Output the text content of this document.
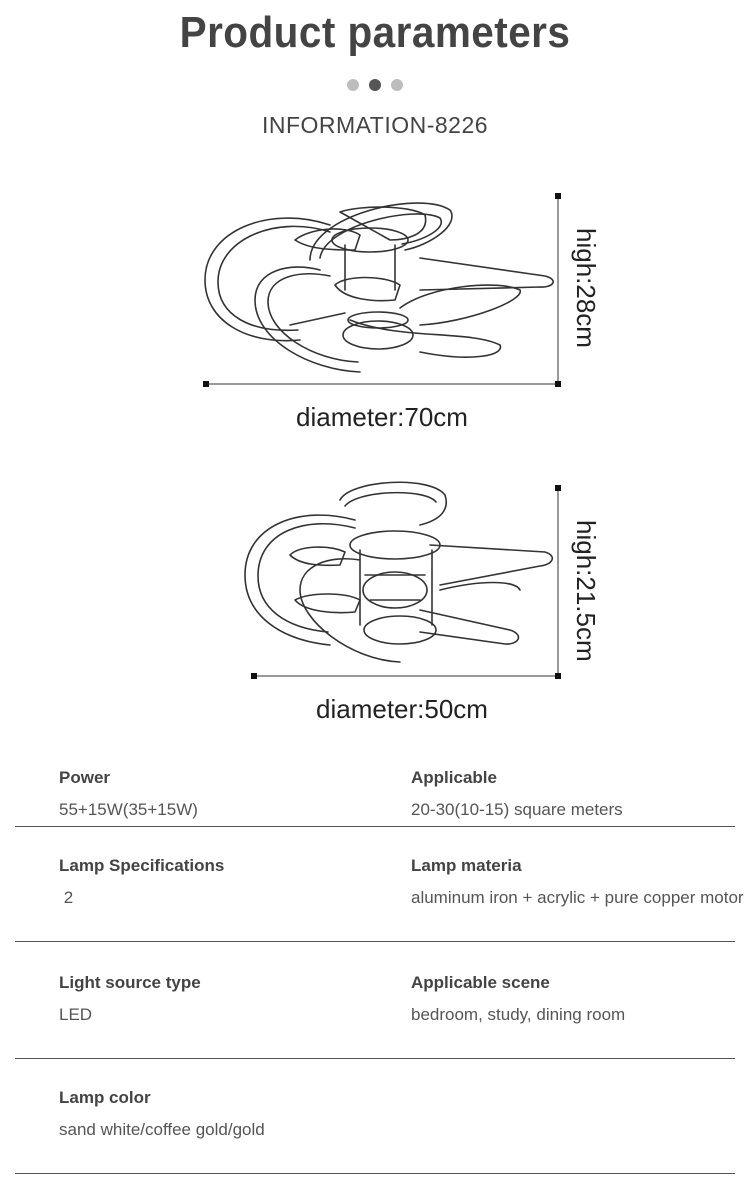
Product parameters
INFORMATION-8226
high:28cm
diameter:70cm
high:21.5cm
diameter:50cm
Power
55+15W(35+15W)
Applicable
20-30(10-15) square meters
Lamp Specifications
2
Lamp materia
aluminum iron + acrylic + pure copper motor
Light source type
LED
Applicable scene
bedroom, study, dining room
Lamp color
sand white/coffee gold/gold
